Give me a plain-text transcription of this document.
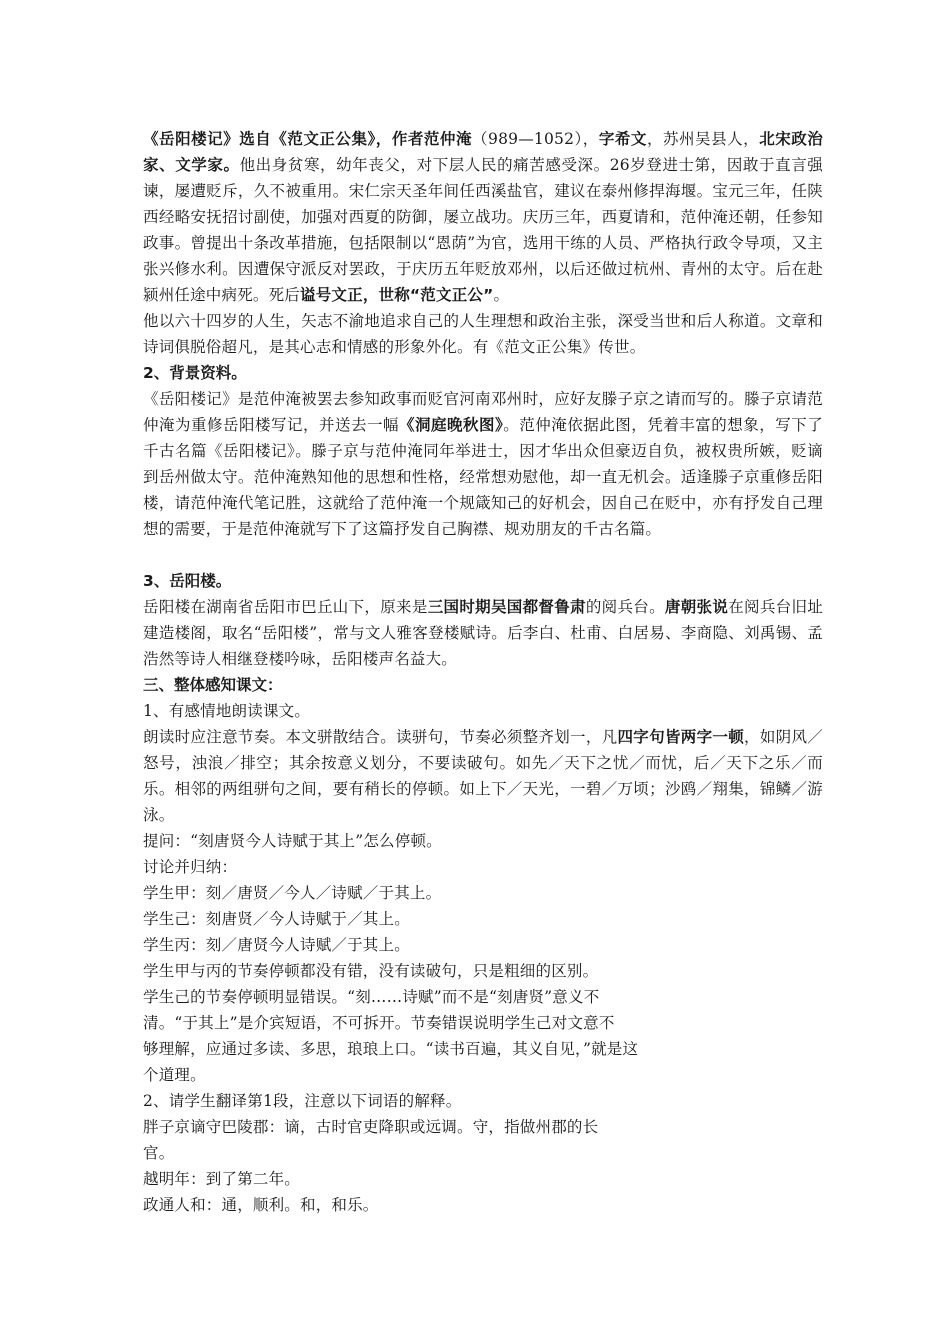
《岳阳楼记》选自《范文正公集》，作者范仲淹（989—1052），字希文，苏州吴县人，北宋政治家、文学家。他出身贫寒，幼年丧父，对下层人民的痛苦感受深。26岁登进士第，因敢于直言强谏，屡遭贬斥，久不被重用。宋仁宗天圣年间任西溪盐官，建议在泰州修捍海堰。宝元三年，任陕西经略安抚招讨副使，加强对西夏的防御，屡立战功。庆历三年，西夏请和，范仲淹还朝，任参知政事。曾提出十条改革措施，包括限制以“恩荫”为官，选用干练的人员、严格执行政令导项，又主张兴修水利。因遭保守派反对罢政，于庆历五年贬放邓州，以后还做过杭州、青州的太守。后在赴颍州任途中病死。死后谥号文正，世称“范文正公”。

他以六十四岁的人生，矢志不渝地追求自己的人生理想和政治主张，深受当世和后人称道。文章和诗词俱脱俗超凡，是其心志和情感的形象外化。有《范文正公集》传世。

2、背景资料。

《岳阳楼记》是范仲淹被罢去参知政事而贬官河南邓州时，应好友滕子京之请而写的。滕子京请范仲淹为重修岳阳楼写记，并送去一幅《洞庭晚秋图》。范仲淹依据此图，凭着丰富的想象，写下了千古名篇《岳阳楼记》。滕子京与范仲淹同年举进士，因才华出众但豪迈自负，被权贵所嫉，贬谪到岳州做太守。范仲淹熟知他的思想和性格，经常想劝慰他，却一直无机会。适逢滕子京重修岳阳楼，请范仲淹代笔记胜，这就给了范仲淹一个规箴知己的好机会，因自己在贬中，亦有抒发自己理想的需要，于是范仲淹就写下了这篇抒发自己胸襟、规劝朋友的千古名篇。

3、岳阳楼。

岳阳楼在湖南省岳阳市巴丘山下，原来是三国时期吴国都督鲁肃的阅兵台。唐朝张说在阅兵台旧址建造楼阁，取名“岳阳楼”，常与文人雅客登楼赋诗。后李白、杜甫、白居易、李商隐、刘禹锡、孟浩然等诗人相继登楼吟咏，岳阳楼声名益大。

三、整体感知课文：

1、有感情地朗读课文。

朗读时应注意节奏。本文骈散结合。读骈句，节奏必须整齐划一，凡四字句皆两字一顿，如阴风／怒号，浊浪／排空；其余按意义划分，不要读破句。如先／天下之忧／而忧，后／天下之乐／而乐。相邻的两组骈句之间，要有稍长的停顿。如上下／天光，一碧／万顷；沙鸥／翔集，锦鳞／游泳。

提问：“刻唐贤今人诗赋于其上”怎么停顿。

讨论并归纳：

学生甲：刻／唐贤／今人／诗赋／于其上。

学生己：刻唐贤／今人诗赋于／其上。

学生丙：刻／唐贤今人诗赋／于其上。

学生甲与丙的节奏停顿都没有错，没有读破句，只是粗细的区别。

学生己的节奏停顿明显错误。“刻……诗赋”而不是“刻唐贤”意义不

清。“于其上”是介宾短语，不可拆开。节奏错误说明学生己对文意不

够理解，应通过多读、多思，琅琅上口。“读书百遍，其义自见，”就是这

个道理。

2、请学生翻译第1段，注意以下词语的解释。

胖子京谪守巴陵郡：谪，古时官吏降职或远调。守，指做州郡的长

官。

越明年：到了第二年。

政通人和：通，顺利。和，和乐。
